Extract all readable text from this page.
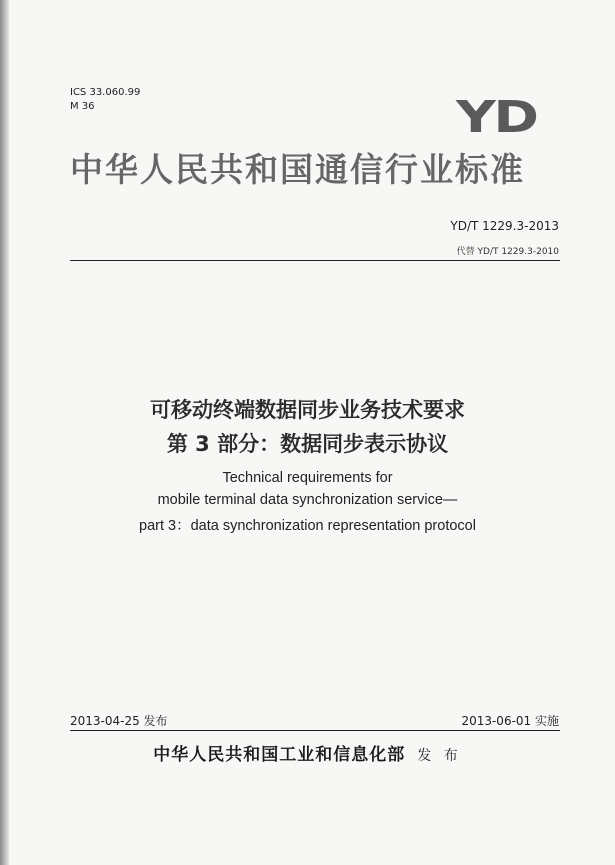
ICS 33.060.99
M 36	YD
中华人民共和国通信行业标准
YD/T 1229.3-2013
代替 YD/T 1229.3-2010
可移动终端数据同步业务技术要求
第 3 部分：数据同步表示协议
Technical requirements for
mobile terminal data synchronization service—
part 3：data synchronization representation protocol
2013-04-25 发布	2013-06-01 实施
中华人民共和国工业和信息化部 发 布
